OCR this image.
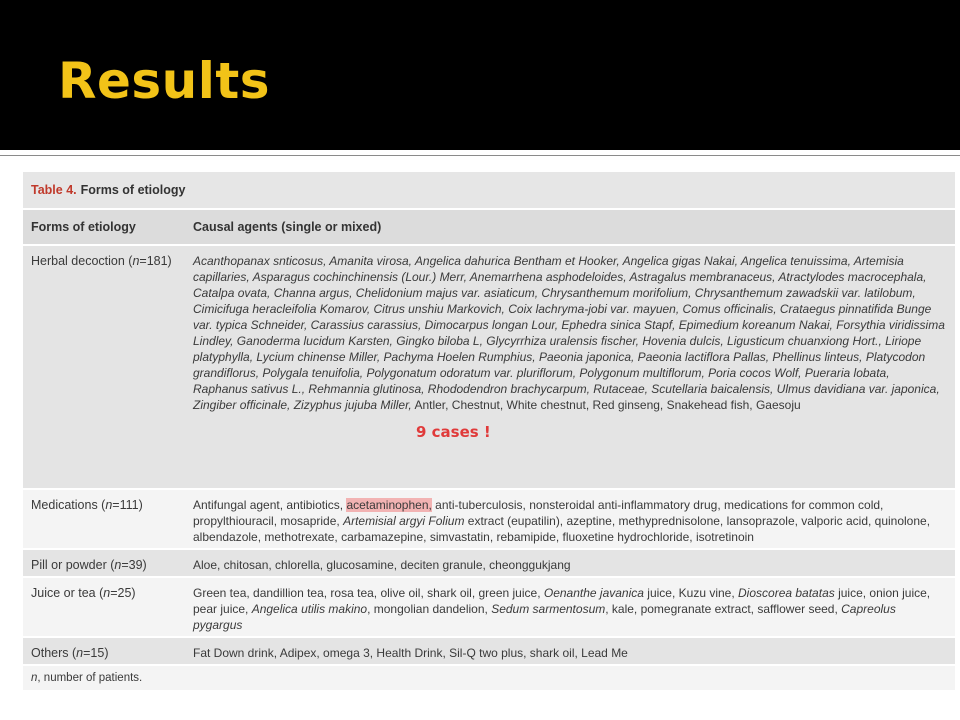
Results
Table 4. Forms of etiology
Forms of etiology	Causal agents (single or mixed)
Herbal decoction (n=181)	Acanthopanax snticosus, Amanita virosa, Angelica dahurica Bentham et Hooker, Angelica gigas Nakai, Angelica tenuissima, Artemisia capillaries, Asparagus cochinchinensis (Lour.) Merr, Anemarrhena asphodeloides, Astragalus membranaceus, Atractylodes macrocephala, Catalpa ovata, Channa argus, Chelidonium majus var. asiaticum, Chrysanthemum morifolium, Chrysanthemum zawadskii var. latilobum, Cimicifuga heracleifolia Komarov, Citrus unshiu Markovich, Coix lachryma-jobi var. mayuen, Comus officinalis, Crataegus pinnatifida Bunge var. typica Schneider, Carassius carassius, Dimocarpus longan Lour, Ephedra sinica Stapf, Epimedium koreanum Nakai, Forsythia viridissima Lindley, Ganoderma lucidum Karsten, Gingko biloba L, Glycyrrhiza uralensis fischer, Hovenia dulcis, Ligusticum chuanxiong Hort., Liriope platyphylla, Lycium chinense Miller, Pachyma Hoelen Rumphius, Paeonia japonica, Paeonia lactiflora Pallas, Phellinus linteus, Platycodon grandiflorus, Polygala tenuifolia, Polygonatum odoratum var. pluriflorum, Polygonum multiflorum, Poria cocos Wolf, Pueraria lobata, Raphanus sativus L., Rehmannia glutinosa, Rhododendron brachycarpum, Rutaceae, Scutellaria baicalensis, Ulmus davidiana var. japonica, Zingiber officinale, Zizyphus jujuba Miller, Antler, Chestnut, White chestnut, Red ginseng, Snakehead fish, Gaesoju
Medications (n=111)	Antifungal agent, antibiotics, acetaminophen, anti-tuberculosis, nonsteroidal anti-inflammatory drug, medications for common cold, propylthiouracil, mosapride, Artemisial argyi Folium extract (eupatilin), azeptine, methyprednisolone, lansoprazole, valporic acid, quinolone, albendazole, methotrexate, carbamazepine, simvastatin, rebamipide, fluoxetine hydrochloride, isotretinoin
Pill or powder (n=39)	Aloe, chitosan, chlorella, glucosamine, deciten granule, cheonggukjang
Juice or tea (n=25)	Green tea, dandillion tea, rosa tea, olive oil, shark oil, green juice, Oenanthe javanica juice, Kuzu vine, Dioscorea batatas juice, onion juice, pear juice, Angelica utilis makino, mongolian dandelion, Sedum sarmentosum, kale, pomegranate extract, safflower seed, Capreolus pygargus
Others (n=15)	Fat Down drink, Adipex, omega 3, Health Drink, Sil-Q two plus, shark oil, Lead Me
n, number of patients.
9 cases !
